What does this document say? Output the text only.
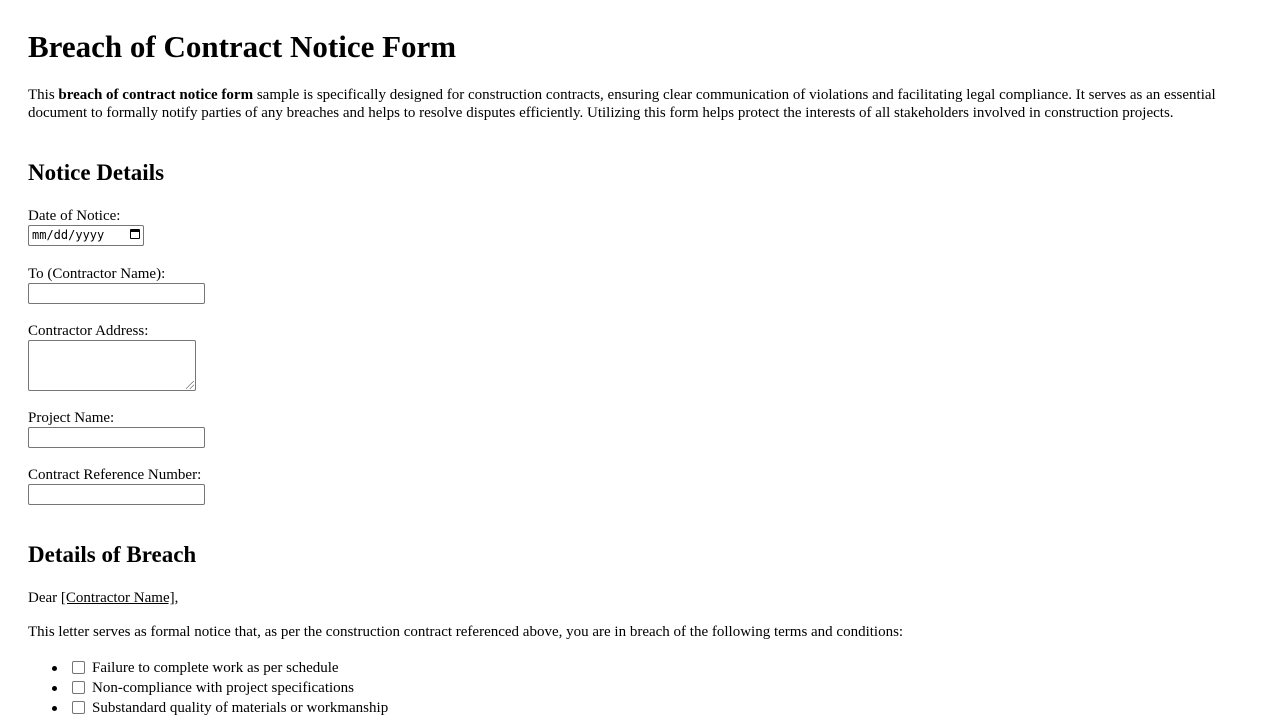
Breach of Contract Notice Form

This breach of contract notice form sample is specifically designed for construction contracts, ensuring clear communication of violations and facilitating legal compliance. It serves as an essential document to formally notify parties of any breaches and helps to resolve disputes efficiently. Utilizing this form helps protect the interests of all stakeholders involved in construction projects.

Notice Details
Date of Notice:
mm/dd/yyyy
To (Contractor Name):
Contractor Address:
Project Name:
Contract Reference Number:
Details of Breach
Dear [Contractor Name],
This letter serves as formal notice that, as per the construction contract referenced above, you are in breach of the following terms and conditions:
Failure to complete work as per schedule
Non-compliance with project specifications
Substandard quality of materials or workmanship
